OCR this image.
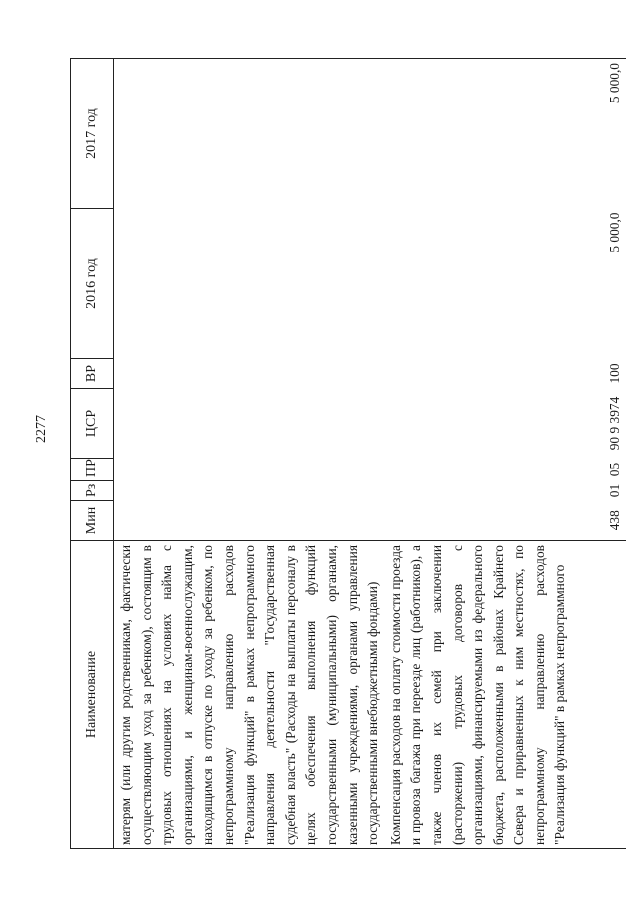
2277
Наименование	Мин	Рз	ПР	ЦСР	ВР	2016 год	2017 год

матерям (или другим родственникам, фактически осуществляющим уход за ребенком), состоящим в трудовых отношениях на условиях найма с организациями, и женщинам-военнослужащим, находящимся в отпуске по уходу за ребенком, по непрограммному направлению расходов "Реализация функций" в рамках непрограммного направления деятельности "Государственная судебная власть" (Расходы на выплаты персоналу в целях обеспечения выполнения функций государственными (муниципальными) органами, казенными учреждениями, органами управления государственными внебюджетными фондами)							

Компенсация расходов на оплату стоимости проезда и провоза багажа при переезде лиц (работников), а также членов их семей при заключении (расторжении) трудовых договоров с организациями, финансируемыми из федерального бюджета, расположенными в районах Крайнего Севера и приравненных к ним местностях, по непрограммному направлению расходов "Реализация функций" в рамках непрограммного	438	01	05	90 9 3974	100	5 000,0	5 000,0
